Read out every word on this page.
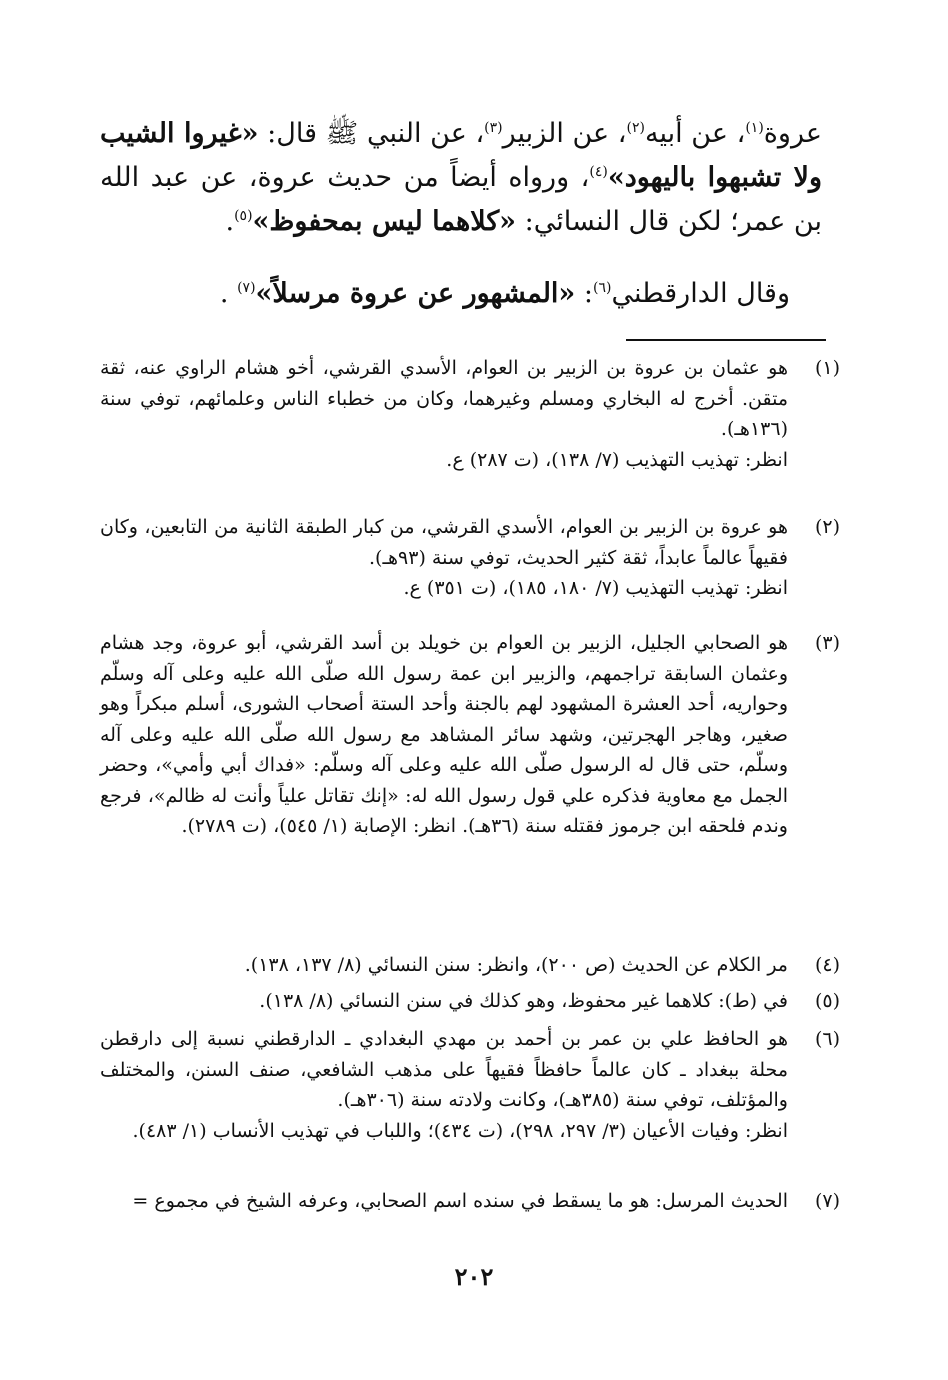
عروة$^{(١)}$، عن أبيه$^{(٢)}$، عن الزبير$^{(٣)}$، عن النبي ﷺ قال: «غيروا الشيب ولا تشبهوا باليهود»$^{(٤)}$، ورواه أيضاً من حديث عروة، عن عبد الله بن عمر؛ لكن قال النسائي: «كلاهما ليس بمحفوظ»$^{(٥)}$.

وقال الدارقطني$^{(٦)}$: «المشهور عن عروة مرسلاً»$^{(٧)}$ .

(١)

هو عثمان بن عروة بن الزبير بن العوام، الأسدي القرشي، أخو هشام الراوي عنه، ثقة متقن. أخرج له البخاري ومسلم وغيرهما، وكان من خطباء الناس وعلمائهم، توفي سنة (١٣٦هـ).

انظر: تهذيب التهذيب (٧/ ١٣٨)، (ت ٢٨٧) ع.

(٢)

هو عروة بن الزبير بن العوام، الأسدي القرشي، من كبار الطبقة الثانية من التابعين، وكان فقيهاً عالماً عابداً، ثقة كثير الحديث، توفي سنة (٩٣هـ).

انظر: تهذيب التهذيب (٧/ ١٨٠، ١٨٥)، (ت ٣٥١) ع.

(٣)

هو الصحابي الجليل، الزبير بن العوام بن خويلد بن أسد القرشي، أبو عروة، وجد هشام وعثمان السابقة تراجمهم، والزبير ابن عمة رسول الله صلّى الله عليه وعلى آله وسلّم وحواريه، أحد العشرة المشهود لهم بالجنة وأحد الستة أصحاب الشورى، أسلم مبكراً وهو صغير، وهاجر الهجرتين، وشهد سائر المشاهد مع رسول الله صلّى الله عليه وعلى آله وسلّم، حتى قال له الرسول صلّى الله عليه وعلى آله وسلّم: «فداك أبي وأمي»، وحضر الجمل مع معاوية فذكره علي قول رسول الله له: «إنك تقاتل علياً وأنت له ظالم»، فرجع وندم فلحقه ابن جرموز فقتله سنة (٣٦هـ). انظر: الإصابة (١/ ٥٤٥)، (ت ٢٧٨٩).

(٤)

مر الكلام عن الحديث (ص ٢٠٠)، وانظر: سنن النسائي (٨/ ١٣٧، ١٣٨).

(٥)

في (ط): كلاهما غير محفوظ، وهو كذلك في سنن النسائي (٨/ ١٣٨).

(٦)

هو الحافظ علي بن عمر بن أحمد بن مهدي البغدادي ـ الدارقطني نسبة إلى دارقطن محلة ببغداد ـ كان عالماً حافظاً فقيهاً على مذهب الشافعي، صنف السنن، والمختلف والمؤتلف، توفي سنة (٣٨٥هـ)، وكانت ولادته سنة (٣٠٦هـ).

انظر: وفيات الأعيان (٣/ ٢٩٧، ٢٩٨)، (ت ٤٣٤)؛ واللباب في تهذيب الأنساب (١/ ٤٨٣).

(٧)

الحديث المرسل: هو ما يسقط في سنده اسم الصحابي، وعرفه الشيخ في مجموع =

٢٠٢
